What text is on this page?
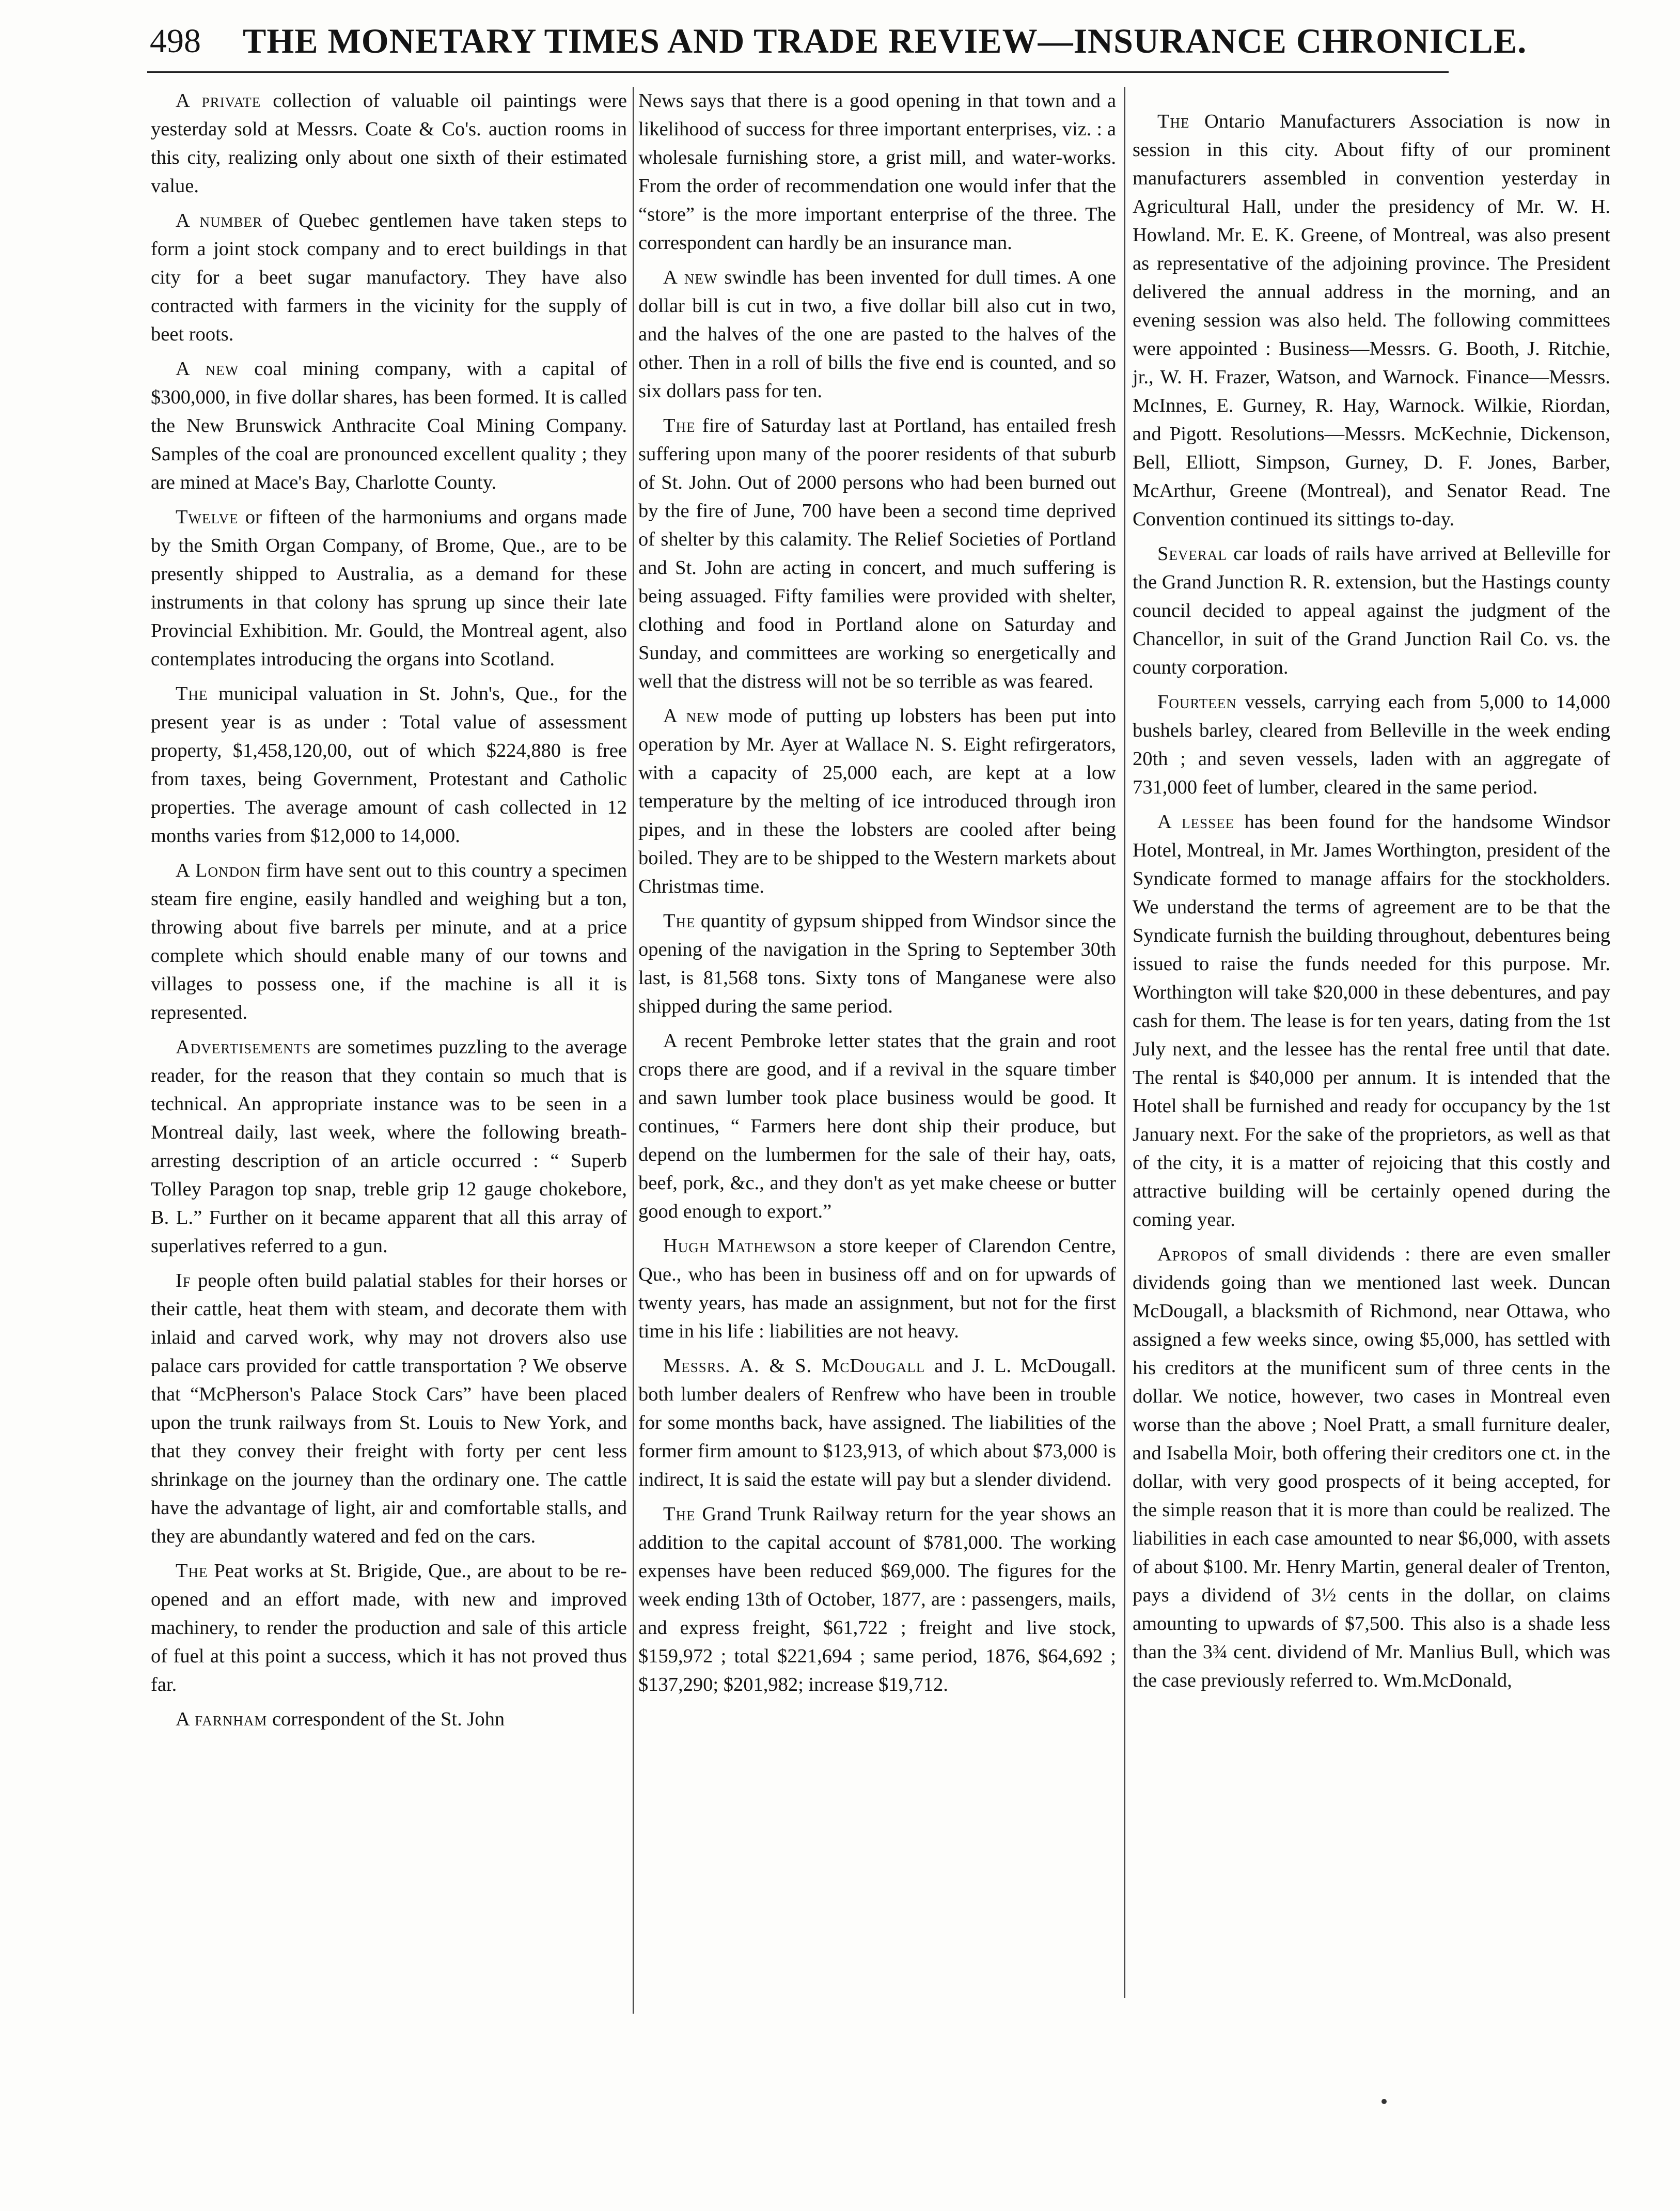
498 THE MONETARY TIMES AND TRADE REVIEW—INSURANCE CHRONICLE.

A private collection of valuable oil paintings were yesterday sold at Messrs. Coate & Co's. auction rooms in this city, realizing only about one sixth of their estimated value.

A number of Quebec gentlemen have taken steps to form a joint stock company and to erect buildings in that city for a beet sugar manufactory. They have also contracted with farmers in the vicinity for the supply of beet roots.

A new coal mining company, with a capital of $300,000, in five dollar shares, has been formed. It is called the New Brunswick Anthracite Coal Mining Company. Samples of the coal are pronounced excellent quality ; they are mined at Mace's Bay, Charlotte County.

Twelve or fifteen of the harmoniums and organs made by the Smith Organ Company, of Brome, Que., are to be presently shipped to Australia, as a demand for these instruments in that colony has sprung up since their late Provincial Exhibition. Mr. Gould, the Montreal agent, also contemplates introducing the organs into Scotland.

The municipal valuation in St. John's, Que., for the present year is as under : Total value of assessment property, $1,458,120,00, out of which $224,880 is free from taxes, being Government, Protestant and Catholic properties. The average amount of cash collected in 12 months varies from $12,000 to 14,000.

A London firm have sent out to this country a specimen steam fire engine, easily handled and weighing but a ton, throwing about five barrels per minute, and at a price complete which should enable many of our towns and villages to possess one, if the machine is all it is represented.

Advertisements are sometimes puzzling to the average reader, for the reason that they contain so much that is technical. An appropriate instance was to be seen in a Montreal daily, last week, where the following breath-arresting description of an article occurred : “ Superb Tolley Paragon top snap, treble grip 12 gauge chokebore, B. L.” Further on it became apparent that all this array of superlatives referred to a gun.

If people often build palatial stables for their horses or their cattle, heat them with steam, and decorate them with inlaid and carved work, why may not drovers also use palace cars provided for cattle transportation ? We observe that “McPherson's Palace Stock Cars” have been placed upon the trunk railways from St. Louis to New York, and that they convey their freight with forty per cent less shrinkage on the journey than the ordinary one. The cattle have the advantage of light, air and comfortable stalls, and they are abundantly watered and fed on the cars.

The Peat works at St. Brigide, Que., are about to be re-opened and an effort made, with new and improved machinery, to render the production and sale of this article of fuel at this point a success, which it has not proved thus far.

A farnham correspondent of the St. John

News says that there is a good opening in that town and a likelihood of success for three important enterprises, viz. : a wholesale furnishing store, a grist mill, and water-works. From the order of recommendation one would infer that the “store” is the more important enterprise of the three. The correspondent can hardly be an insurance man.

A new swindle has been invented for dull times. A one dollar bill is cut in two, a five dollar bill also cut in two, and the halves of the one are pasted to the halves of the other. Then in a roll of bills the five end is counted, and so six dollars pass for ten.

The fire of Saturday last at Portland, has entailed fresh suffering upon many of the poorer residents of that suburb of St. John. Out of 2000 persons who had been burned out by the fire of June, 700 have been a second time deprived of shelter by this calamity. The Relief Societies of Portland and St. John are acting in concert, and much suffering is being assuaged. Fifty families were provided with shelter, clothing and food in Portland alone on Saturday and Sunday, and committees are working so energetically and well that the distress will not be so terrible as was feared.

A new mode of putting up lobsters has been put into operation by Mr. Ayer at Wallace N. S. Eight refirgerators, with a capacity of 25,000 each, are kept at a low temperature by the melting of ice introduced through iron pipes, and in these the lobsters are cooled after being boiled. They are to be shipped to the Western markets about Christmas time.

The quantity of gypsum shipped from Windsor since the opening of the navigation in the Spring to September 30th last, is 81,568 tons. Sixty tons of Manganese were also shipped during the same period.

A recent Pembroke letter states that the grain and root crops there are good, and if a revival in the square timber and sawn lumber took place business would be good. It continues, “ Farmers here dont ship their produce, but depend on the lumbermen for the sale of their hay, oats, beef, pork, &c., and they don't as yet make cheese or butter good enough to export.”

Hugh Mathewson a store keeper of Clarendon Centre, Que., who has been in business off and on for upwards of twenty years, has made an assignment, but not for the first time in his life : liabilities are not heavy.

Messrs. A. & S. McDougall and J. L. McDougall. both lumber dealers of Renfrew who have been in trouble for some months back, have assigned. The liabilities of the former firm amount to $123,913, of which about $73,000 is indirect, It is said the estate will pay but a slender dividend.

The Grand Trunk Railway return for the year shows an addition to the capital account of $781,000. The working expenses have been reduced $69,000. The figures for the week ending 13th of October, 1877, are : passengers, mails, and express freight, $61,722 ; freight and live stock, $159,972 ; total $221,694 ; same period, 1876, $64,692 ; $137,290; $201,982; increase $19,712.

The Ontario Manufacturers Association is now in session in this city. About fifty of our prominent manufacturers assembled in convention yesterday in Agricultural Hall, under the presidency of Mr. W. H. Howland. Mr. E. K. Greene, of Montreal, was also present as representative of the adjoining province. The President delivered the annual address in the morning, and an evening session was also held. The following committees were appointed : Business—Messrs. G. Booth, J. Ritchie, jr., W. H. Frazer, Watson, and Warnock. Finance—Messrs. McInnes, E. Gurney, R. Hay, Warnock. Wilkie, Riordan, and Pigott. Resolutions—Messrs. McKechnie, Dickenson, Bell, Elliott, Simpson, Gurney, D. F. Jones, Barber, McArthur, Greene (Montreal), and Senator Read. Tne Convention continued its sittings to-day.

Several car loads of rails have arrived at Belleville for the Grand Junction R. R. extension, but the Hastings county council decided to appeal against the judgment of the Chancellor, in suit of the Grand Junction Rail Co. vs. the county corporation.

Fourteen vessels, carrying each from 5,000 to 14,000 bushels barley, cleared from Belleville in the week ending 20th ; and seven vessels, laden with an aggregate of 731,000 feet of lumber, cleared in the same period.

A lessee has been found for the handsome Windsor Hotel, Montreal, in Mr. James Worthington, president of the Syndicate formed to manage affairs for the stockholders. We understand the terms of agreement are to be that the Syndicate furnish the building throughout, debentures being issued to raise the funds needed for this purpose. Mr. Worthington will take $20,000 in these debentures, and pay cash for them. The lease is for ten years, dating from the 1st July next, and the lessee has the rental free until that date. The rental is $40,000 per annum. It is intended that the Hotel shall be furnished and ready for occupancy by the 1st January next. For the sake of the proprietors, as well as that of the city, it is a matter of rejoicing that this costly and attractive building will be certainly opened during the coming year.

Apropos of small dividends : there are even smaller dividends going than we mentioned last week. Duncan McDougall, a blacksmith of Richmond, near Ottawa, who assigned a few weeks since, owing $5,000, has settled with his creditors at the munificent sum of three cents in the dollar. We notice, however, two cases in Montreal even worse than the above ; Noel Pratt, a small furniture dealer, and Isabella Moir, both offering their creditors one ct. in the dollar, with very good prospects of it being accepted, for the simple reason that it is more than could be realized. The liabilities in each case amounted to near $6,000, with assets of about $100. Mr. Henry Martin, general dealer of Trenton, pays a dividend of 3½ cents in the dollar, on claims amounting to upwards of $7,500. This also is a shade less than the 3¾ cent. dividend of Mr. Manlius Bull, which was the case previously referred to. Wm.McDonald,
